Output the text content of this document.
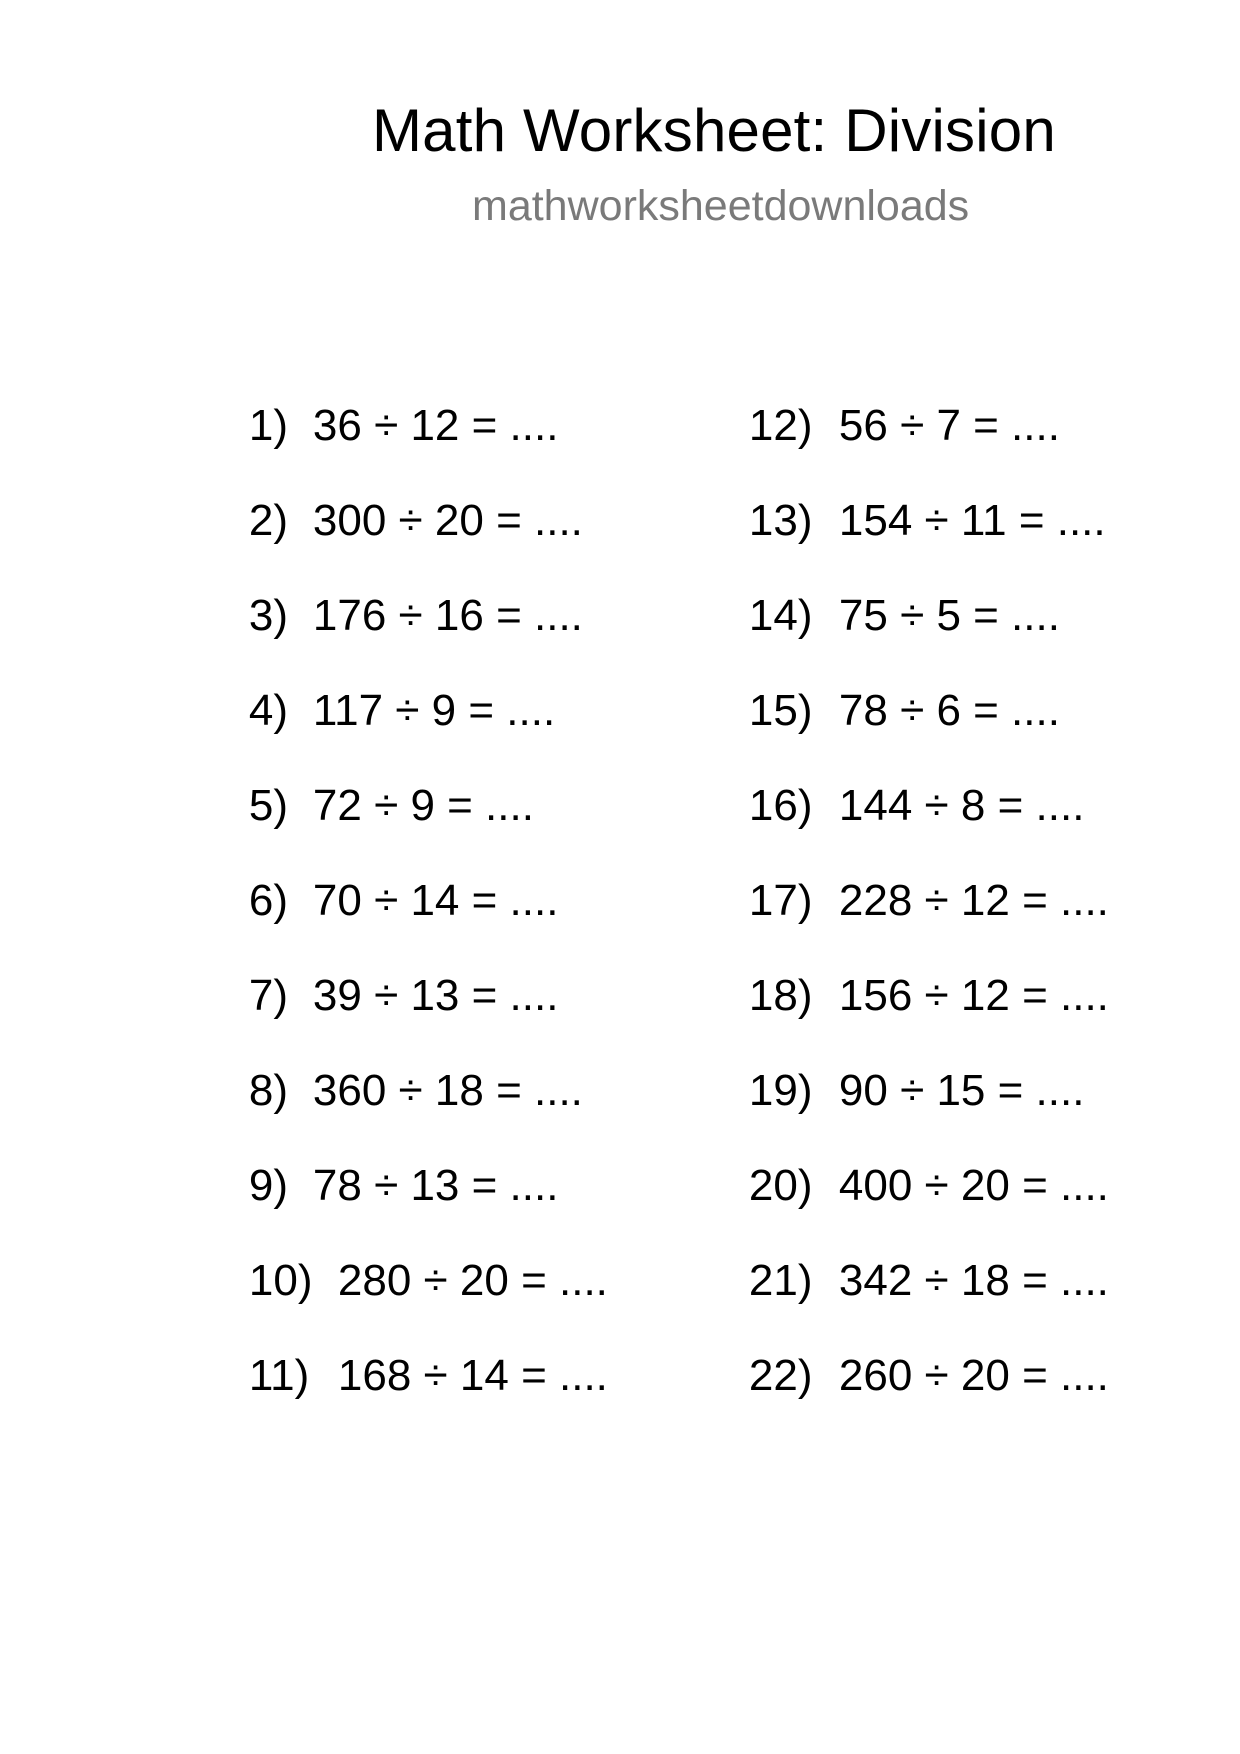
Math Worksheet: Division
mathworksheetdownloads

1) 36 ÷ 12 = ....

2) 300 ÷ 20 = ....

3) 176 ÷ 16 = ....

4) 117 ÷ 9 = ....

5) 72 ÷ 9 = ....

6) 70 ÷ 14 = ....

7) 39 ÷ 13 = ....

8) 360 ÷ 18 = ....

9) 78 ÷ 13 = ....

10) 280 ÷ 20 = ....

11) 168 ÷ 14 = ....

12) 56 ÷ 7 = ....

13) 154 ÷ 11 = ....

14) 75 ÷ 5 = ....

15) 78 ÷ 6 = ....

16) 144 ÷ 8 = ....

17) 228 ÷ 12 = ....

18) 156 ÷ 12 = ....

19) 90 ÷ 15 = ....

20) 400 ÷ 20 = ....

21) 342 ÷ 18 = ....

22) 260 ÷ 20 = ....
